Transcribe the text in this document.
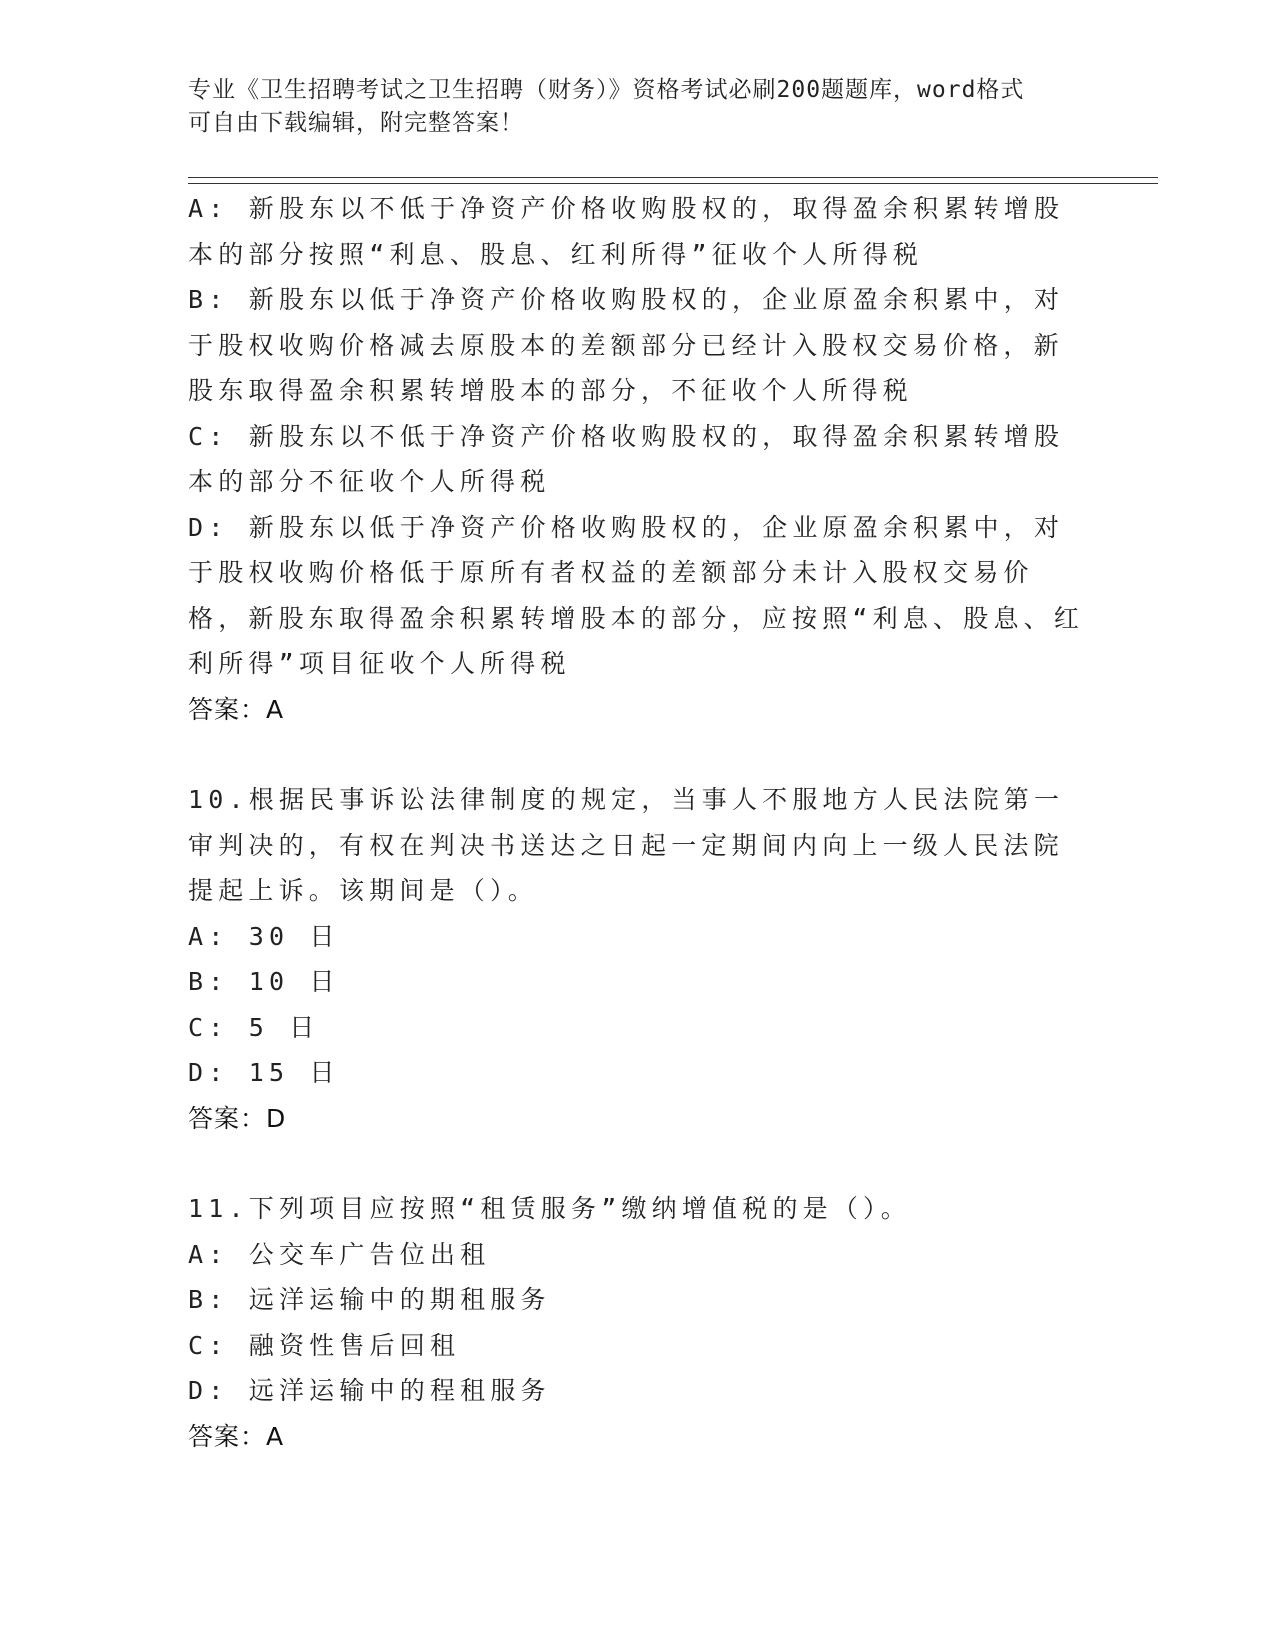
专业《卫生招聘考试之卫生招聘（财务）》资格考试必刷200题题库，word格式
可自由下载编辑，附完整答案！

A: 新股东以不低于净资产价格收购股权的，取得盈余积累转增股本的部分按照“利息、股息、红利所得”征收个人所得税

B: 新股东以低于净资产价格收购股权的，企业原盈余积累中，对于股权收购价格减去原股本的差额部分已经计入股权交易价格，新股东取得盈余积累转增股本的部分，不征收个人所得税

C: 新股东以不低于净资产价格收购股权的，取得盈余积累转增股本的部分不征收个人所得税

D: 新股东以低于净资产价格收购股权的，企业原盈余积累中，对于股权收购价格低于原所有者权益的差额部分未计入股权交易价格，新股东取得盈余积累转增股本的部分，应按照“利息、股息、红利所得”项目征收个人所得税

答案：A

10.根据民事诉讼法律制度的规定，当事人不服地方人民法院第一审判决的，有权在判决书送达之日起一定期间内向上一级人民法院提起上诉。该期间是（）。

A: 30 日

B: 10 日

C: 5 日

D: 15 日

答案：D

11.下列项目应按照“租赁服务”缴纳增值税的是（）。

A: 公交车广告位出租

B: 远洋运输中的期租服务

C: 融资性售后回租

D: 远洋运输中的程租服务

答案：A
